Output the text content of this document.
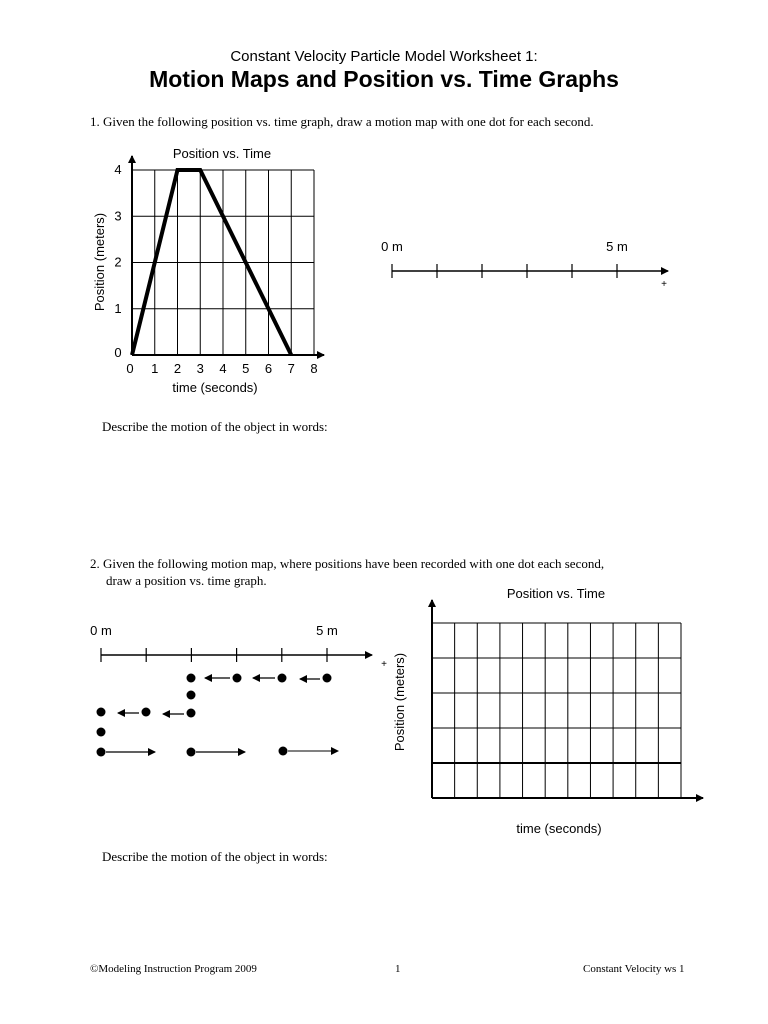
Constant Velocity Particle Model Worksheet 1:
Motion Maps and Position vs. Time Graphs
1. Given the following position vs. time graph, draw a motion map with one dot for each second.
Describe the motion of the object in words:
2. Given the following motion map, where positions have been recorded with one dot each second,
draw a position vs. time graph.
Describe the motion of the object in words:
©Modeling Instruction Program 2009	1	Constant Velocity ws 1
0 1 2 3 4 5 6 7 8
0
1
2
3
4
Position vs. Time
time (seconds)
Position (meters)	0 m	5 m
+
0 m	5 m
+
Position vs. Time
time (seconds)
Position (meters)
